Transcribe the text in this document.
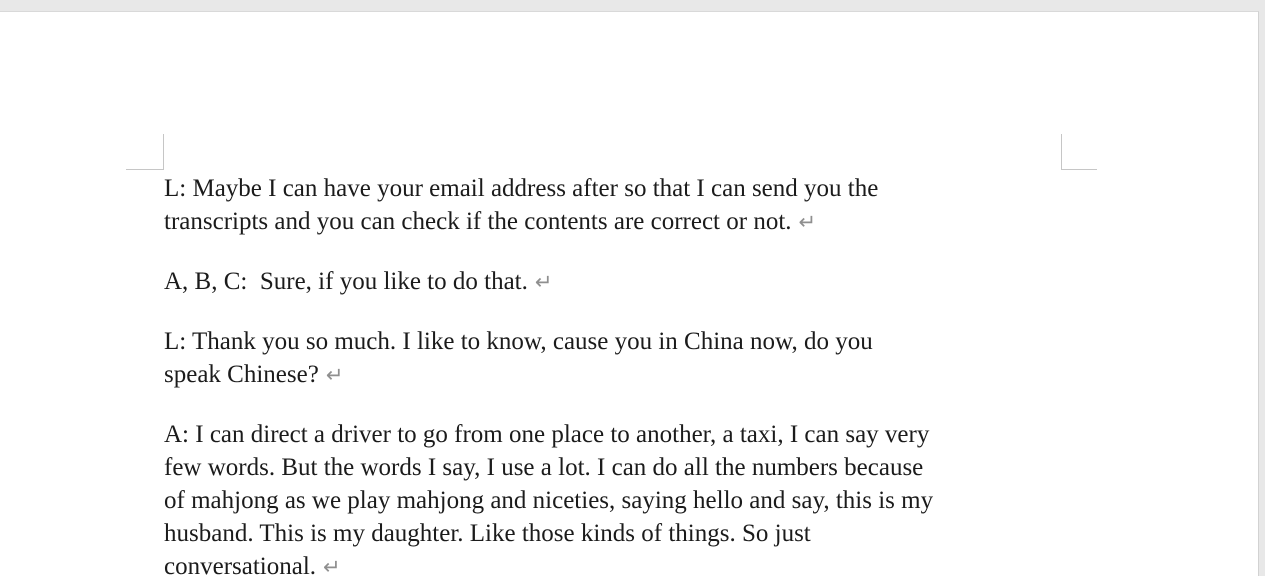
L: Maybe I can have your email address after so that I can send you the
transcripts and you can check if the contents are correct or not. ↵

A, B, C:  Sure, if you like to do that. ↵

L: Thank you so much. I like to know, cause you in China now, do you
speak Chinese? ↵

A: I can direct a driver to go from one place to another, a taxi, I can say very
few words. But the words I say, I use a lot. I can do all the numbers because
of mahjong as we play mahjong and niceties, saying hello and say, this is my
husband. This is my daughter. Like those kinds of things. So just
conversational. ↵
